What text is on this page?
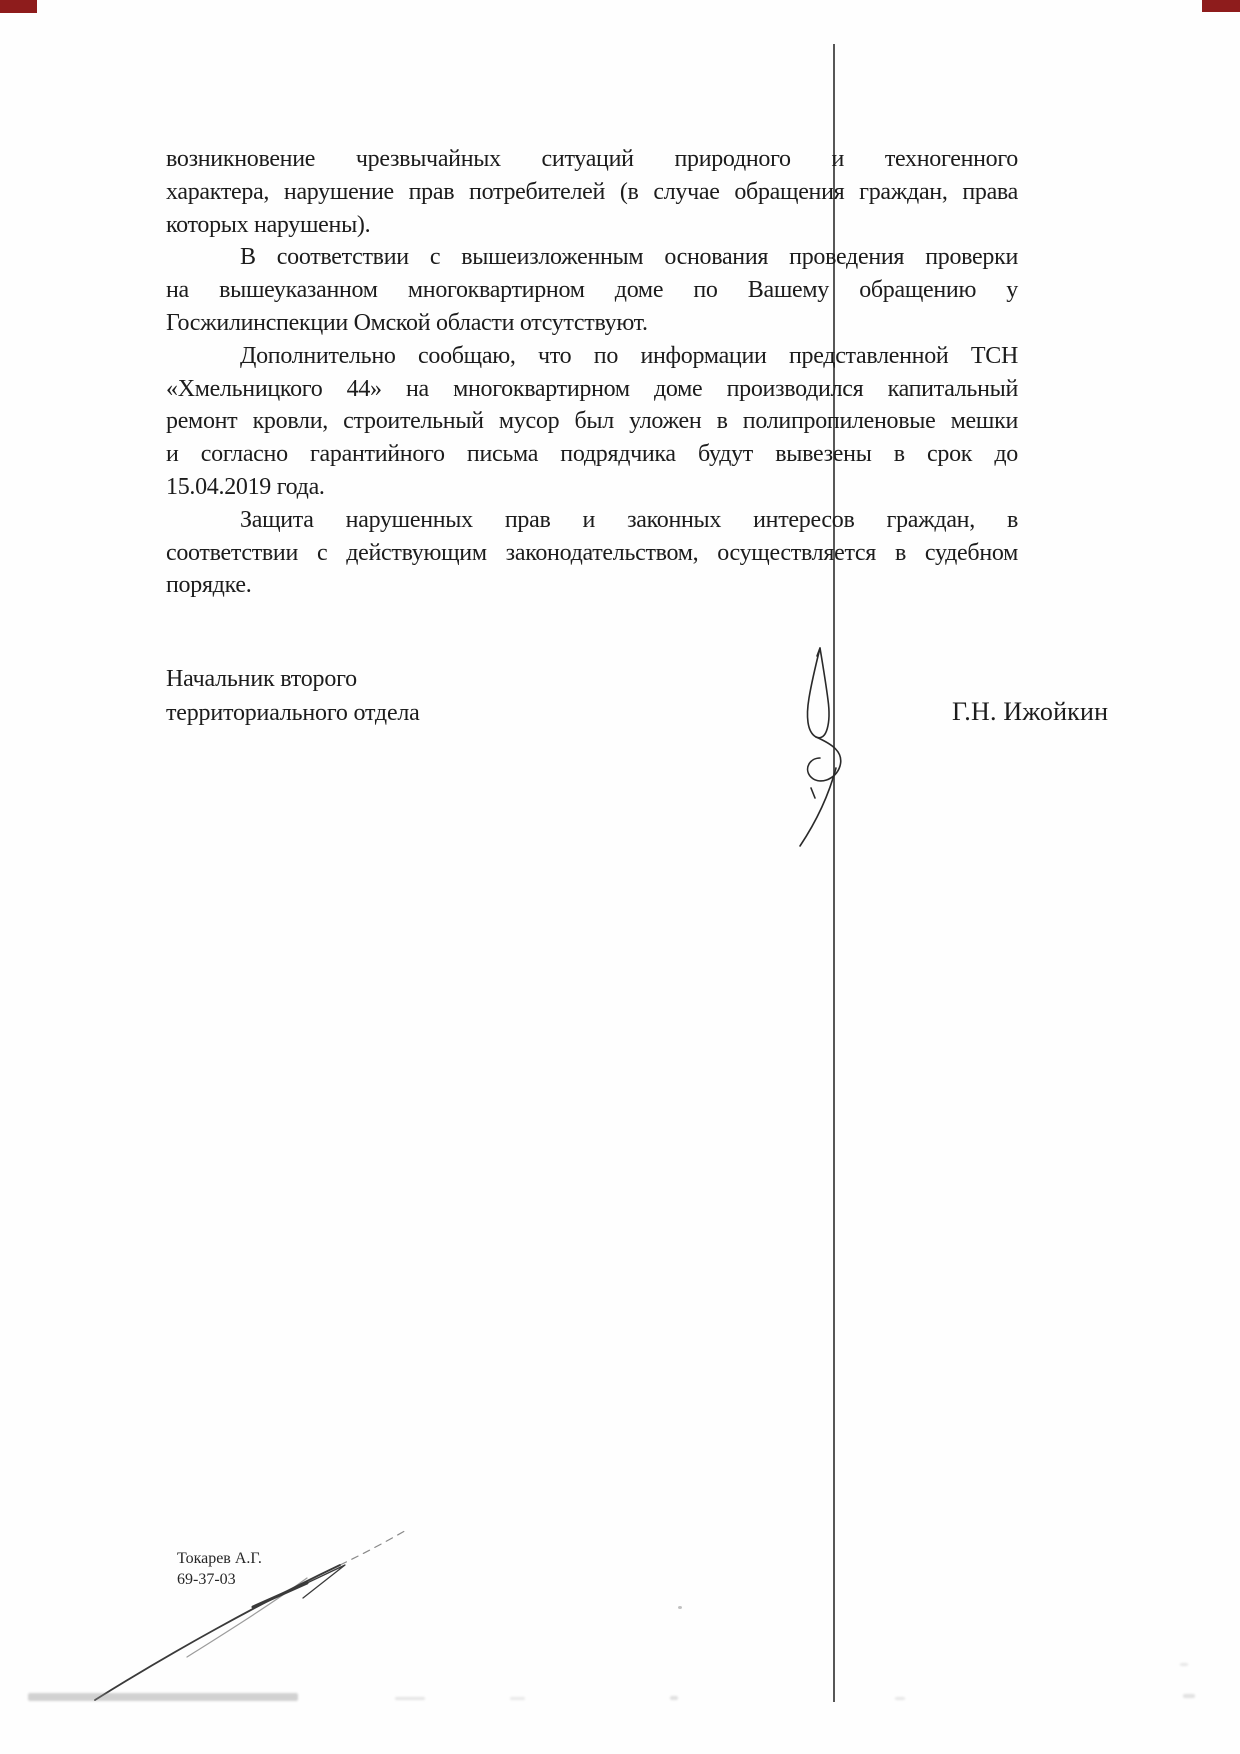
возникновение чрезвычайных ситуаций природного и техногенного
характера, нарушение прав потребителей (в случае обращения граждан, права
которых нарушены).
В соответствии с вышеизложенным основания проведения проверки
на вышеуказанном многоквартирном доме по Вашему обращению у
Госжилинспекции Омской области отсутствуют.
Дополнительно сообщаю, что по информации представленной ТСН
«Хмельницкого 44» на многоквартирном доме производился капитальный
ремонт кровли, строительный мусор был уложен в полипропиленовые мешки
и согласно гарантийного письма подрядчика будут вывезены в срок до
15.04.2019 года.
Защита нарушенных прав и законных интересов граждан, в
соответствии с действующим законодательством, осуществляется в судебном
порядке.
Начальник второго
территориального отдела	Г.Н. Ижойкин
Токарев А.Г.
69-37-03
